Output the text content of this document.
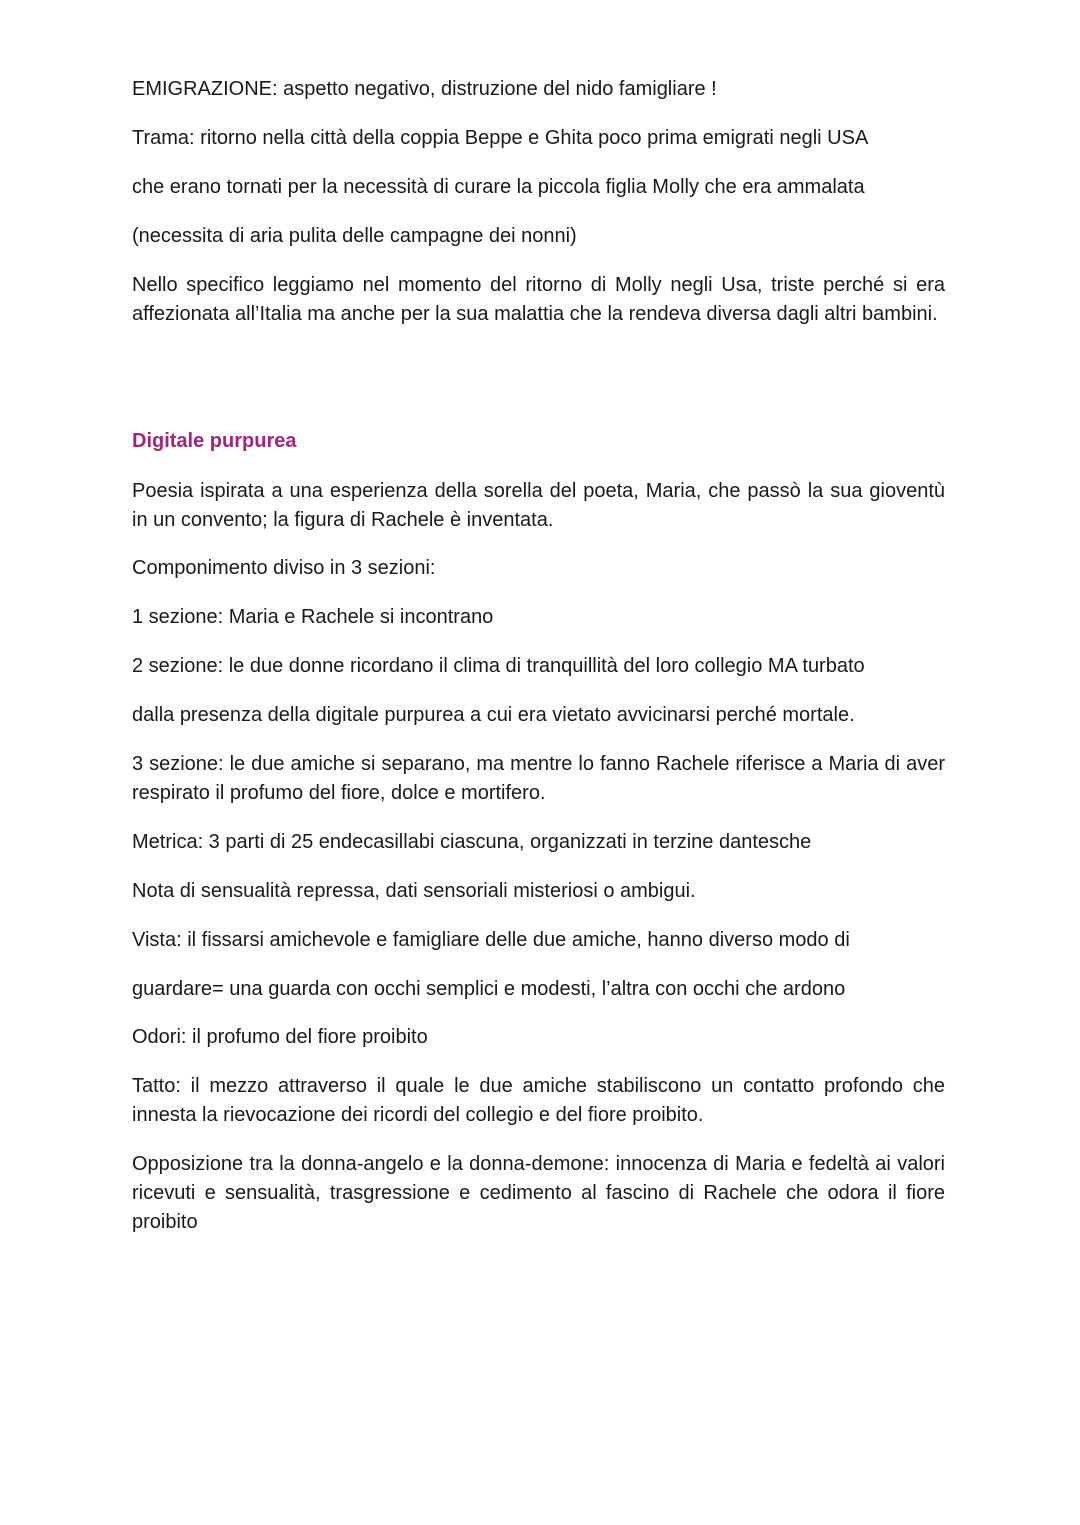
EMIGRAZIONE: aspetto negativo, distruzione del nido famigliare !

Trama: ritorno nella città della coppia Beppe e Ghita poco prima emigrati negli USA

che erano tornati per la necessità di curare la piccola figlia Molly che era ammalata

(necessita di aria pulita delle campagne dei nonni)

Nello specifico leggiamo nel momento del ritorno di Molly negli Usa, triste perché si era affezionata all’Italia ma anche per la sua malattia che la rendeva diversa dagli altri bambini.

Digitale purpurea

Poesia ispirata a una esperienza della sorella del poeta, Maria, che passò la sua gioventù in un convento; la figura di Rachele è inventata.

Componimento diviso in 3 sezioni:

1 sezione: Maria e Rachele si incontrano

2 sezione: le due donne ricordano il clima di tranquillità del loro collegio MA turbato

dalla presenza della digitale purpurea a cui era vietato avvicinarsi perché mortale.

3 sezione: le due amiche si separano, ma mentre lo fanno Rachele riferisce a Maria di aver respirato il profumo del fiore, dolce e mortifero.

Metrica: 3 parti di 25 endecasillabi ciascuna, organizzati in terzine dantesche

Nota di sensualità repressa, dati sensoriali misteriosi o ambigui.

Vista: il fissarsi amichevole e famigliare delle due amiche, hanno diverso modo di

guardare= una guarda con occhi semplici e modesti, l’altra con occhi che ardono

Odori: il profumo del fiore proibito

Tatto: il mezzo attraverso il quale le due amiche stabiliscono un contatto profondo che innesta la rievocazione dei ricordi del collegio e del fiore proibito.

Opposizione tra la donna-angelo e la donna-demone: innocenza di Maria e fedeltà ai valori ricevuti e sensualità, trasgressione e cedimento al fascino di Rachele che odora il fiore proibito
